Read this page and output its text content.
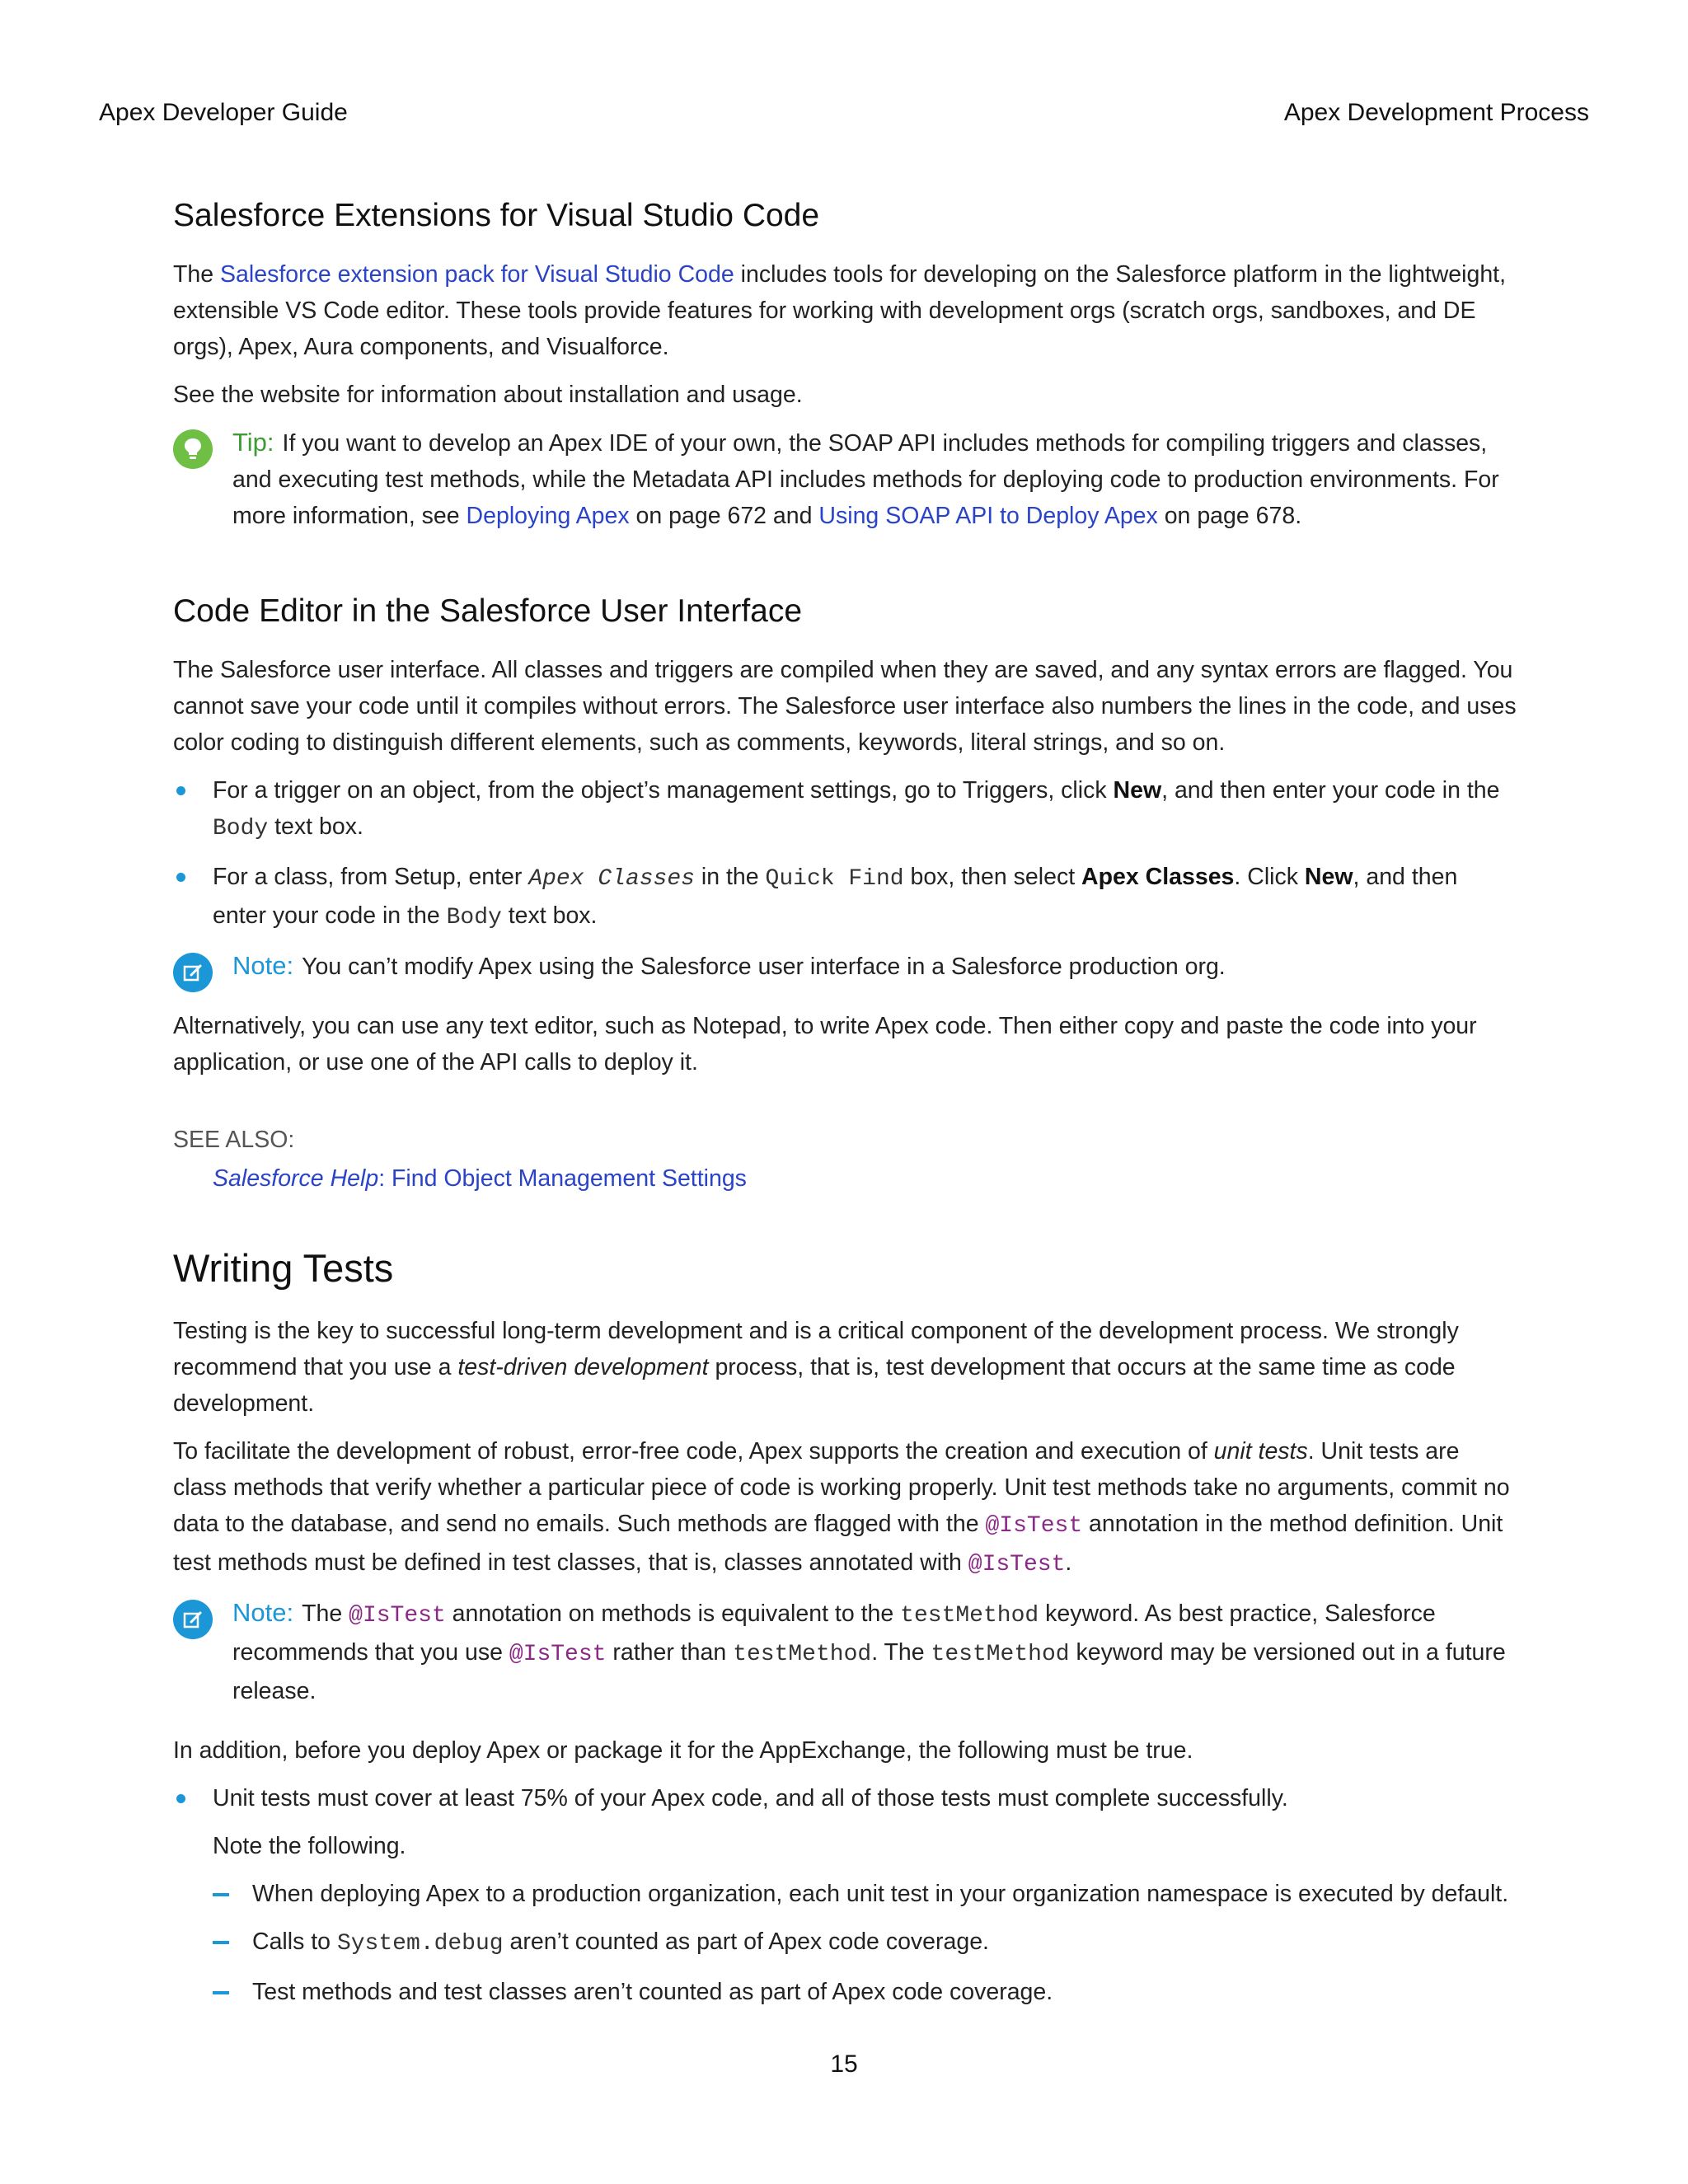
Apex Developer Guide	Apex Development Process
Salesforce Extensions for Visual Studio Code

The Salesforce extension pack for Visual Studio Code includes tools for developing on the Salesforce platform in the lightweight, extensible VS Code editor. These tools provide features for working with development orgs (scratch orgs, sandboxes, and DE orgs), Apex, Aura components, and Visualforce.

See the website for information about installation and usage.

Tip: If you want to develop an Apex IDE of your own, the SOAP API includes methods for compiling triggers and classes, and executing test methods, while the Metadata API includes methods for deploying code to production environments. For more information, see Deploying Apex on page 672 and Using SOAP API to Deploy Apex on page 678.
Code Editor in the Salesforce User Interface

The Salesforce user interface. All classes and triggers are compiled when they are saved, and any syntax errors are flagged. You cannot save your code until it compiles without errors. The Salesforce user interface also numbers the lines in the code, and uses color coding to distinguish different elements, such as comments, keywords, literal strings, and so on.

For a trigger on an object, from the object’s management settings, go to Triggers, click New, and then enter your code in the Body text box.
For a class, from Setup, enter Apex Classes in the Quick Find box, then select Apex Classes. Click New, and then enter your code in the Body text box.
Note: You can’t modify Apex using the Salesforce user interface in a Salesforce production org.

Alternatively, you can use any text editor, such as Notepad, to write Apex code. Then either copy and paste the code into your application, or use one of the API calls to deploy it.

SEE ALSO:
Salesforce Help: Find Object Management Settings
Writing Tests

Testing is the key to successful long-term development and is a critical component of the development process. We strongly recommend that you use a test-driven development process, that is, test development that occurs at the same time as code development.

To facilitate the development of robust, error-free code, Apex supports the creation and execution of unit tests. Unit tests are class methods that verify whether a particular piece of code is working properly. Unit test methods take no arguments, commit no data to the database, and send no emails. Such methods are flagged with the @IsTest annotation in the method definition. Unit test methods must be defined in test classes, that is, classes annotated with @IsTest.

Note: The @IsTest annotation on methods is equivalent to the testMethod keyword. As best practice, Salesforce recommends that you use @IsTest rather than testMethod. The testMethod keyword may be versioned out in a future release.

In addition, before you deploy Apex or package it for the AppExchange, the following must be true.

Unit tests must cover at least 75% of your Apex code, and all of those tests must complete successfully.

Note the following.

When deploying Apex to a production organization, each unit test in your organization namespace is executed by default.
Calls to System.debug aren’t counted as part of Apex code coverage.
Test methods and test classes aren’t counted as part of Apex code coverage.
15
